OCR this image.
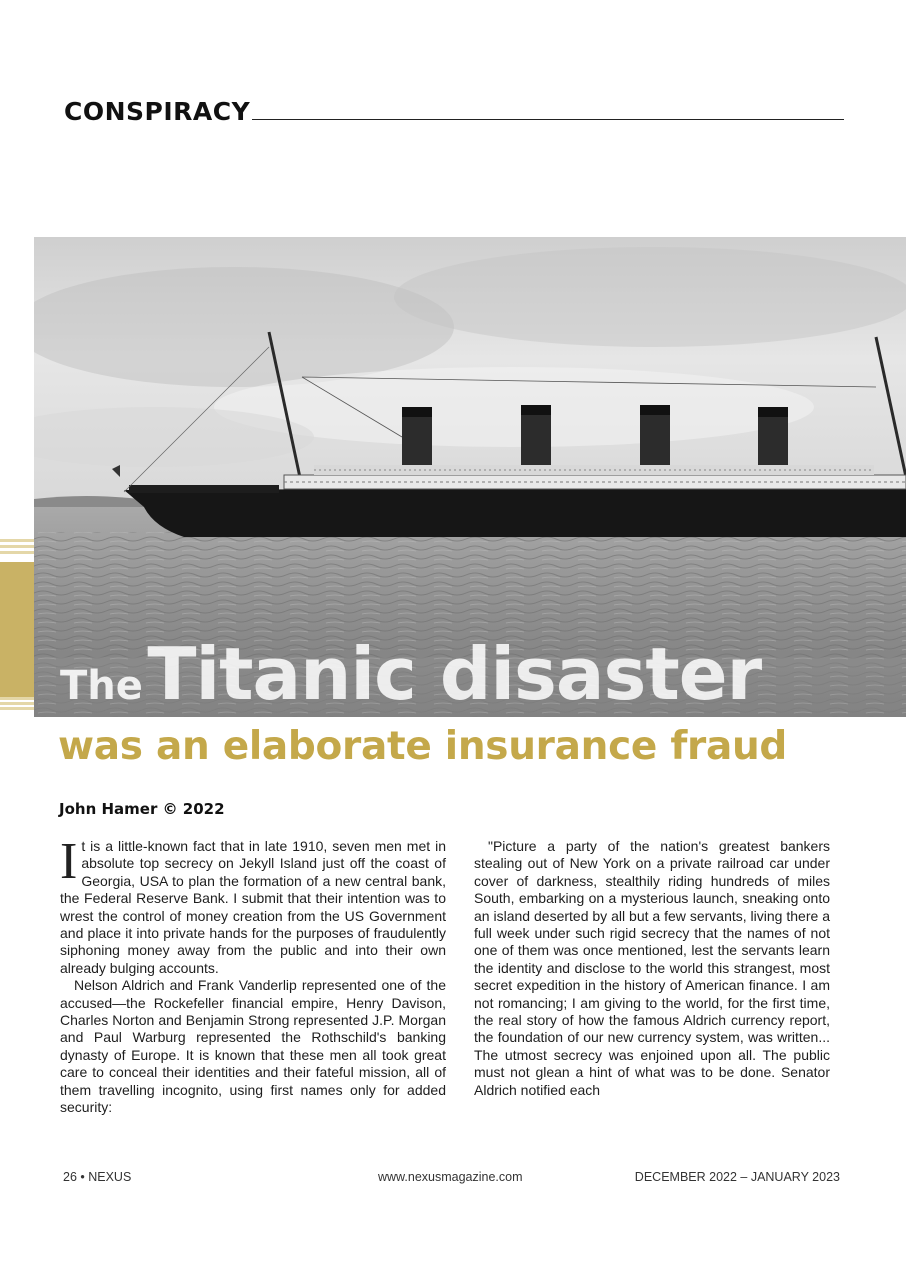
CONSPIRACY
The Titanic disaster
was an elaborate insurance fraud
John Hamer © 2022

It is a little-known fact that in late 1910, seven men met in absolute top secrecy on Jekyll Island just off the coast of Georgia, USA to plan the formation of a new central bank, the Federal Reserve Bank. I submit that their intention was to wrest the control of money creation from the US Government and place it into private hands for the purposes of fraudulently siphoning money away from the public and into their own already bulging accounts.

Nelson Aldrich and Frank Vanderlip represented one of the accused—the Rockefeller financial empire, Henry Davison, Charles Norton and Benjamin Strong represented J.P. Morgan and Paul Warburg represented the Rothschild's banking dynasty of Europe. It is known that these men all took great care to conceal their identities and their fateful mission, all of them travelling incognito, using first names only for added security:

"Picture a party of the nation's greatest bankers stealing out of New York on a private railroad car under cover of darkness, stealthily riding hundreds of miles South, embarking on a mysterious launch, sneaking onto an island deserted by all but a few servants, living there a full week under such rigid secrecy that the names of not one of them was once mentioned, lest the servants learn the identity and disclose to the world this strangest, most secret expedition in the history of American finance. I am not romancing; I am giving to the world, for the first time, the real story of how the famous Aldrich currency report, the foundation of our new currency system, was written... The utmost secrecy was enjoined upon all. The public must not glean a hint of what was to be done. Senator Aldrich notified each

26 • NEXUS	www.nexusmagazine.com	DECEMBER 2022 – JANUARY 2023
